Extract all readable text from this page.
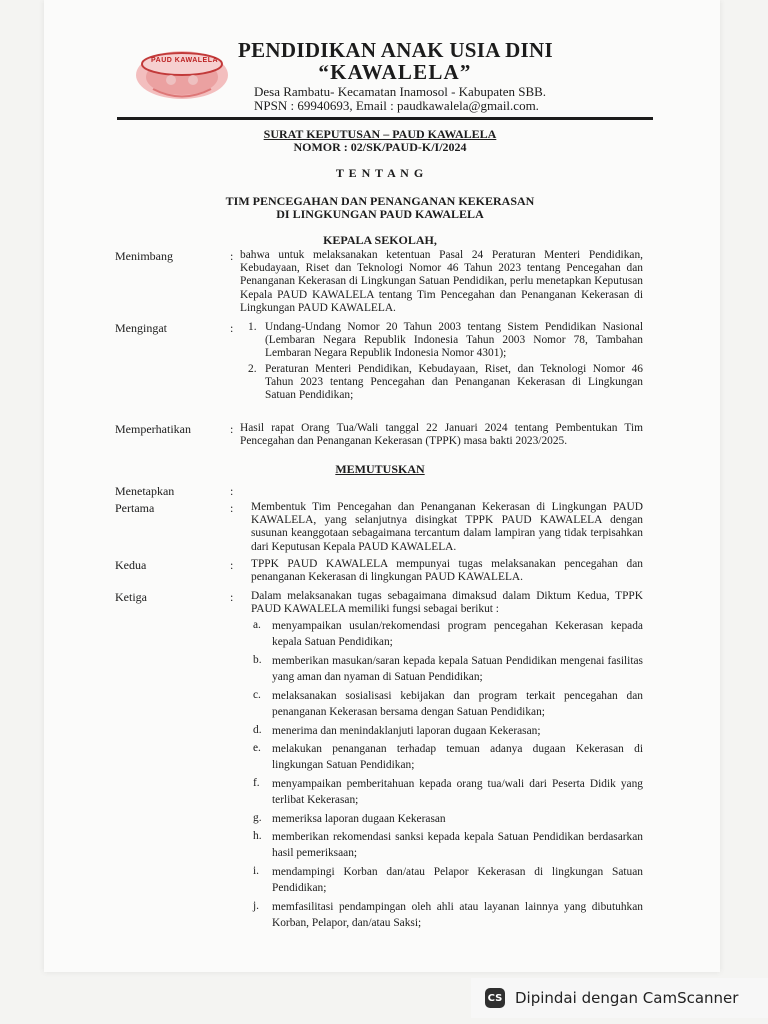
PAUD KAWALELA PENDIDIKAN ANAK USIA DINI
“KAWALELA”
Desa Rambatu- Kecamatan Inamosol - Kabupaten SBB.
NPSN : 69940693, Email : paudkawalela@gmail.com.
SURAT KEPUTUSAN – PAUD KAWALELA
NOMOR : 02/SK/PAUD-K/I/2024
T E N T A N G
TIM PENCEGAHAN DAN PENANGANAN KEKERASAN
DI LINGKUNGAN PAUD KAWALELA
KEPALA SEKOLAH,
Menimbang	: bahwa untuk melaksanakan ketentuan Pasal 24 Peraturan Menteri Pendidikan, Kebudayaan, Riset dan Teknologi Nomor 46 Tahun 2023 tentang Pencegahan dan Penanganan Kekerasan di Lingkungan Satuan Pendidikan, perlu menetapkan Keputusan Kepala PAUD KAWALELA tentang Tim Pencegahan dan Penanganan Kekerasan di Lingkungan PAUD KAWALELA.
Mengingat	: 1. Undang-Undang Nomor 20 Tahun 2003 tentang Sistem Pendidikan Nasional (Lembaran Negara Republik Indonesia Tahun 2003 Nomor 78, Tambahan Lembaran Negara Republik Indonesia Nomor 4301);
2. Peraturan Menteri Pendidikan, Kebudayaan, Riset, dan Teknologi Nomor 46 Tahun 2023 tentang Pencegahan dan Penanganan Kekerasan di Lingkungan Satuan Pendidikan;
Memperhatikan	: Hasil rapat Orang Tua/Wali tanggal 22 Januari 2024 tentang Pembentukan Tim Pencegahan dan Penanganan Kekerasan (TPPK) masa bakti 2023/2025.
MEMUTUSKAN
Menetapkan	:
Pertama	: Membentuk Tim Pencegahan dan Penanganan Kekerasan di Lingkungan PAUD KAWALELA, yang selanjutnya disingkat TPPK PAUD KAWALELA dengan susunan keanggotaan sebagaimana tercantum dalam lampiran yang tidak terpisahkan dari Keputusan Kepala PAUD KAWALELA.
Kedua	: TPPK PAUD KAWALELA mempunyai tugas melaksanakan pencegahan dan penanganan Kekerasan di lingkungan PAUD KAWALELA.
Ketiga	: Dalam melaksanakan tugas sebagaimana dimaksud dalam Diktum Kedua, TPPK PAUD KAWALELA memiliki fungsi sebagai berikut :
a. menyampaikan usulan/rekomendasi program pencegahan Kekerasan kepada kepala Satuan Pendidikan;
b. memberikan masukan/saran kepada kepala Satuan Pendidikan mengenai fasilitas yang aman dan nyaman di Satuan Pendidikan;
c. melaksanakan sosialisasi kebijakan dan program terkait pencegahan dan penanganan Kekerasan bersama dengan Satuan Pendidikan;
d. menerima dan menindaklanjuti laporan dugaan Kekerasan;
e. melakukan penanganan terhadap temuan adanya dugaan Kekerasan di lingkungan Satuan Pendidikan;
f. menyampaikan pemberitahuan kepada orang tua/wali dari Peserta Didik yang terlibat Kekerasan;
g. memeriksa laporan dugaan Kekerasan
h. memberikan rekomendasi sanksi kepada kepala Satuan Pendidikan berdasarkan hasil pemeriksaan;
i. mendampingi Korban dan/atau Pelapor Kekerasan di lingkungan Satuan Pendidikan;
j. memfasilitasi pendampingan oleh ahli atau layanan lainnya yang dibutuhkan Korban, Pelapor, dan/atau Saksi;
CS Dipindai dengan CamScanner
